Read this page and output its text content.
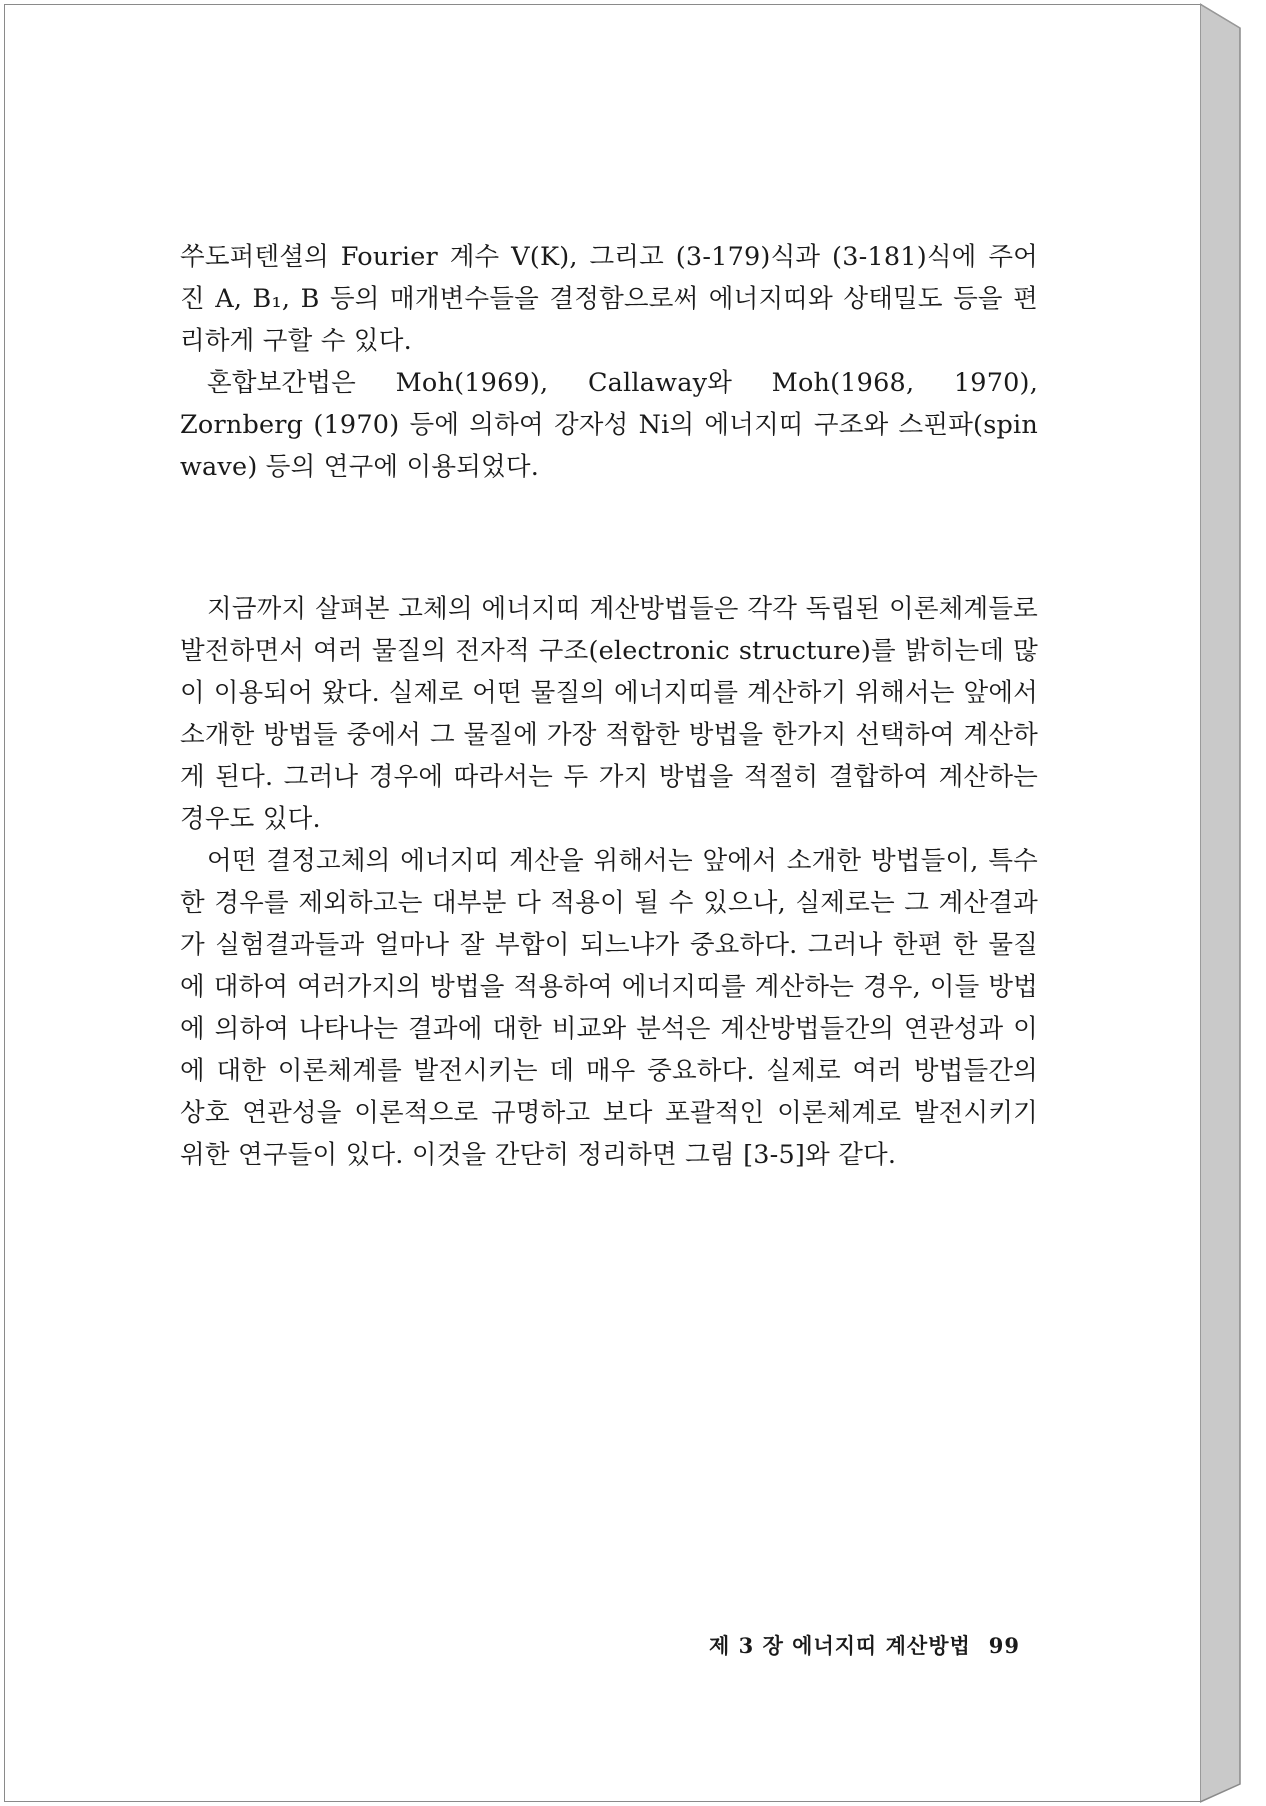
쑤도퍼텐셜의 Fourier 계수 V(K), 그리고 (3-179)식과 (3-181)식에 주어진 A, B₁, B 등의 매개변수들을 결정함으로써 에너지띠와 상태밀도 등을 편리하게 구할 수 있다.

혼합보간법은 Moh(1969), Callaway와 Moh(1968, 1970), Zornberg (1970) 등에 의하여 강자성 Ni의 에너지띠 구조와 스핀파(spin wave) 등의 연구에 이용되었다.

지금까지 살펴본 고체의 에너지띠 계산방법들은 각각 독립된 이론체계들로 발전하면서 여러 물질의 전자적 구조(electronic structure)를 밝히는데 많이 이용되어 왔다. 실제로 어떤 물질의 에너지띠를 계산하기 위해서는 앞에서 소개한 방법들 중에서 그 물질에 가장 적합한 방법을 한가지 선택하여 계산하게 된다. 그러나 경우에 따라서는 두 가지 방법을 적절히 결합하여 계산하는 경우도 있다.

어떤 결정고체의 에너지띠 계산을 위해서는 앞에서 소개한 방법들이, 특수한 경우를 제외하고는 대부분 다 적용이 될 수 있으나, 실제로는 그 계산결과가 실험결과들과 얼마나 잘 부합이 되느냐가 중요하다. 그러나 한편 한 물질에 대하여 여러가지의 방법을 적용하여 에너지띠를 계산하는 경우, 이들 방법에 의하여 나타나는 결과에 대한 비교와 분석은 계산방법들간의 연관성과 이에 대한 이론체계를 발전시키는 데 매우 중요하다. 실제로 여러 방법들간의 상호 연관성을 이론적으로 규명하고 보다 포괄적인 이론체계로 발전시키기 위한 연구들이 있다. 이것을 간단히 정리하면 그림 [3-5]와 같다.

제 3 장 에너지띠 계산방법 99
